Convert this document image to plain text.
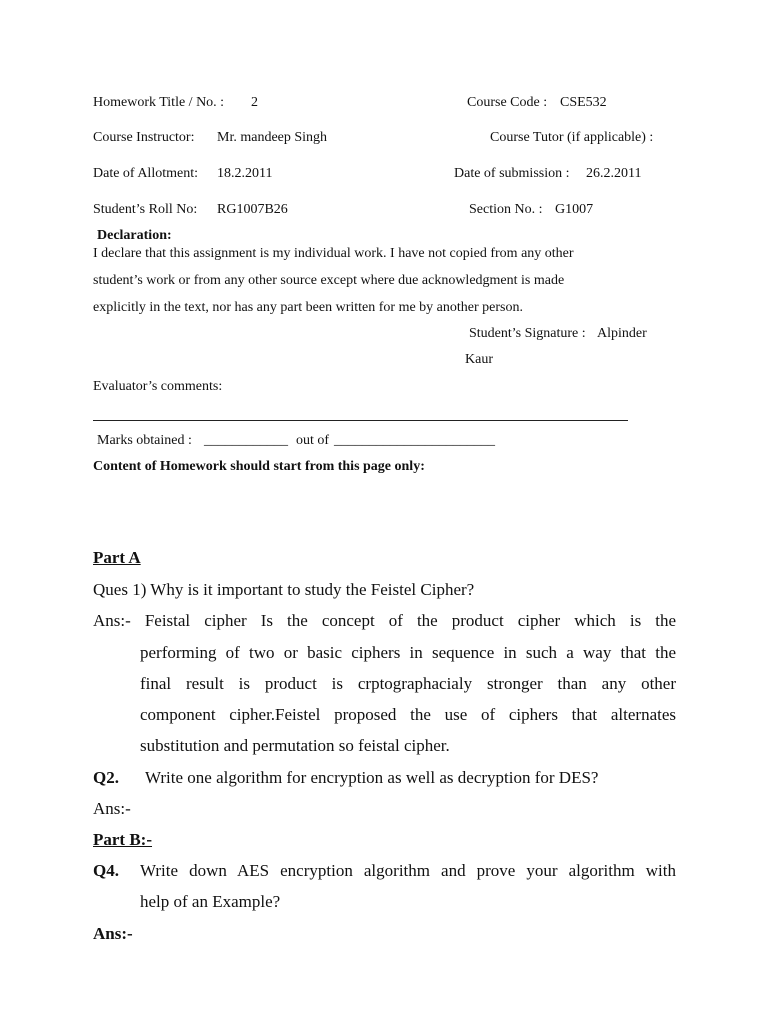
Homework Title / No. : 2	Course Code : CSE532
Course Instructor: Mr. mandeep Singh	Course Tutor (if applicable) :
Date of Allotment: 18.2.2011	Date of submission : 26.2.2011
Student’s Roll No: RG1007B26	Section No. : G1007
Declaration:
I declare that this assignment is my individual work. I have not copied from any other
student’s work or from any other source except where due acknowledgment is made
explicitly in the text, nor has any part been written for me by another person.
Student’s Signature : Alpinder
Kaur
Evaluator’s comments:
Marks obtained : ____________ out of _______________________
Content of Homework should start from this page only:
Part A
Ques 1) Why is it important to study the Feistel Cipher?
Ans:- Feistal cipher Is the concept of the product cipher which is the
performing of two or basic ciphers in sequence in such a way that the
final result is product is crptographacialy stronger than any other
component cipher.Feistel proposed the use of ciphers that alternates
substitution and permutation so feistal cipher.
Q2. Write one algorithm for encryption as well as decryption for DES?
Ans:-
Part B:-
Q4. Write down AES encryption algorithm and prove your algorithm with
help of an Example?
Ans:-
